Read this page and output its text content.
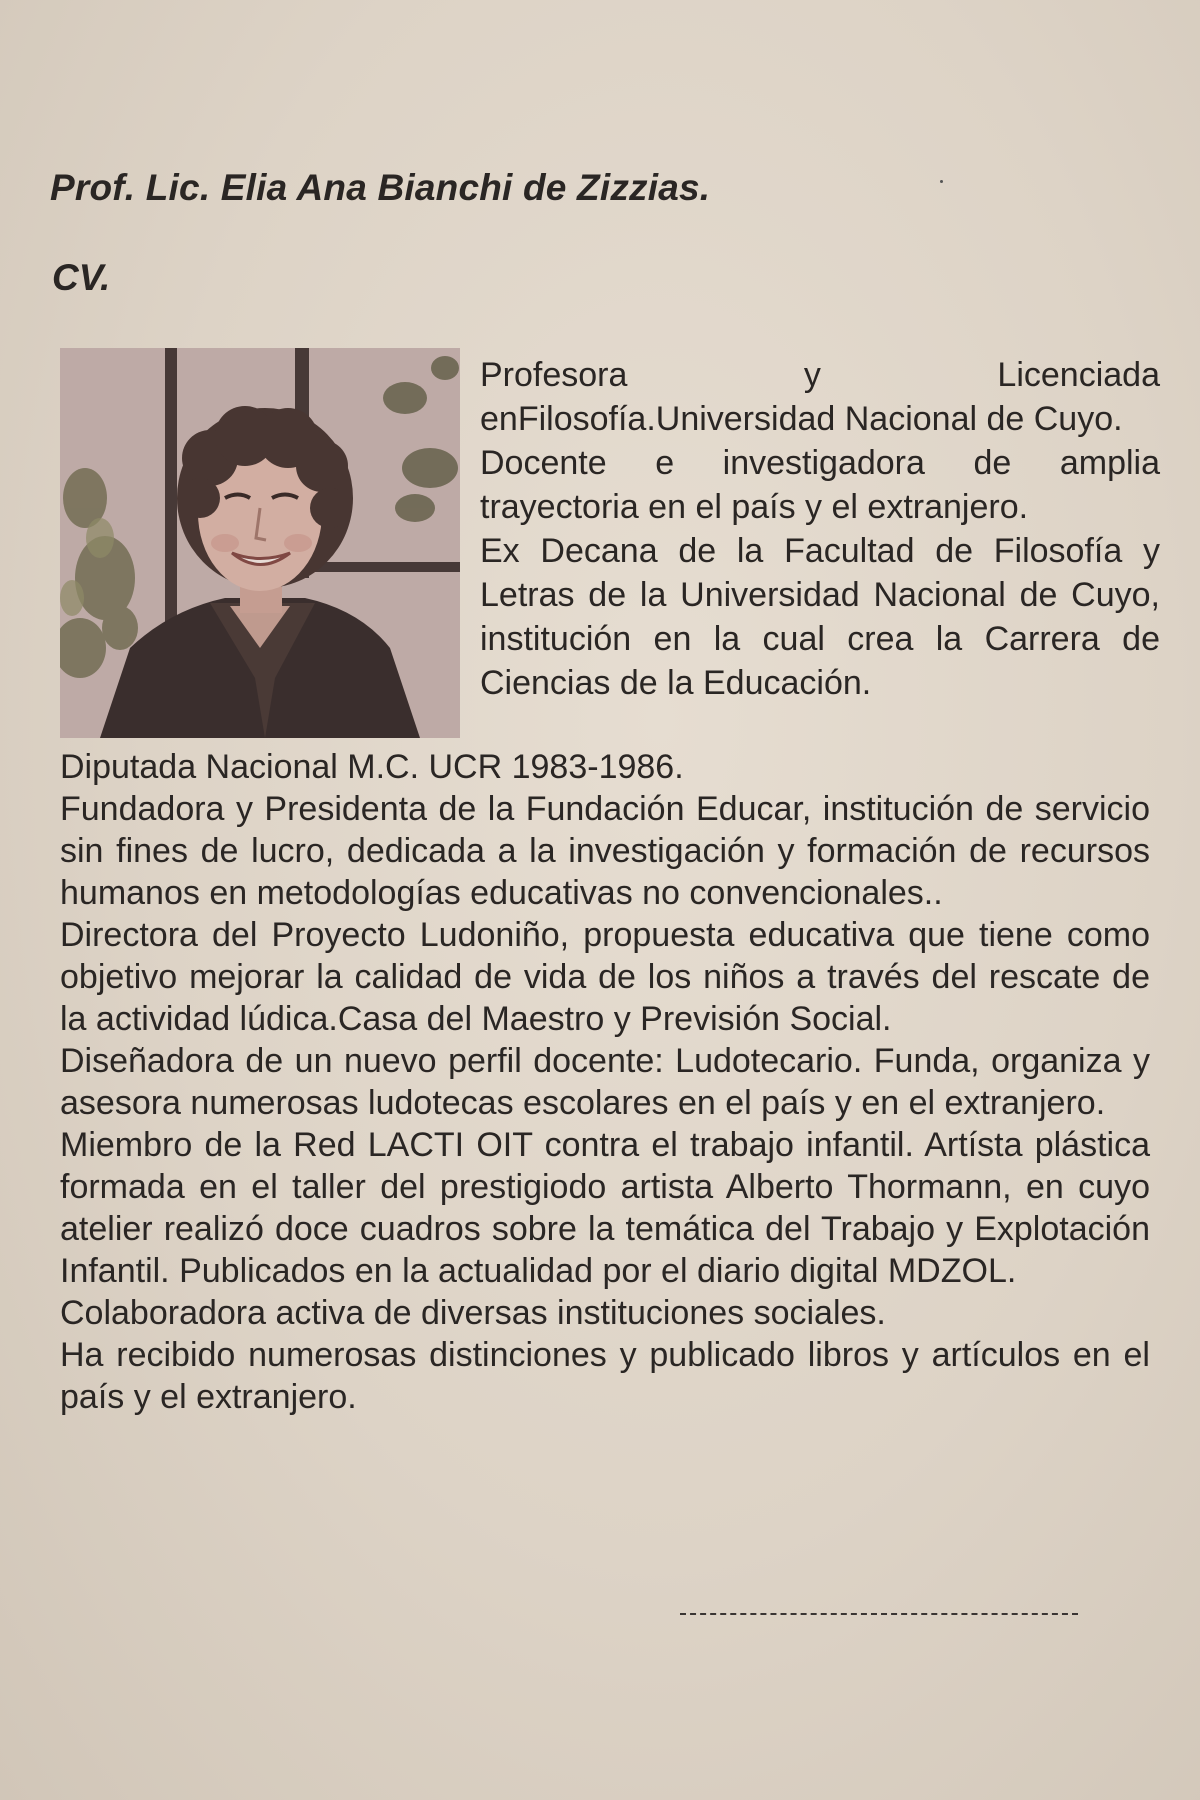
Prof. Lic. Elia Ana Bianchi de Zizzias.
CV.

Profesora y Licenciada enFilosofía.Universidad Nacional de Cuyo.

Docente e investigadora de amplia trayectoria en el país y el extranjero.

Ex Decana de la Facultad de Filosofía y Letras de la Universidad Nacional de Cuyo, institución en la cual crea la Carrera de Ciencias de la Educación.

Diputada Nacional M.C. UCR 1983-1986.

Fundadora y Presidenta de la Fundación Educar, institución de servicio sin fines de lucro, dedicada a la investigación y formación de recursos humanos en metodologías educativas no convencionales..

Directora del Proyecto Ludoniño, propuesta educativa que tiene como objetivo mejorar la calidad de vida de los niños a través del rescate de la actividad lúdica.Casa del Maestro y Previsión Social.

Diseñadora de un nuevo perfil docente: Ludotecario. Funda, organiza y asesora numerosas ludotecas escolares en el país y en el extranjero.

Miembro de la Red LACTI OIT contra el trabajo infantil. Artísta plástica formada en el taller del prestigiodo artista Alberto Thormann, en cuyo atelier realizó doce cuadros sobre la temática del Trabajo y Explotación Infantil. Publicados en la actualidad por el diario digital MDZOL.

Colaboradora activa de diversas instituciones sociales.

Ha recibido numerosas distinciones y publicado libros y artículos en el país y el extranjero.
